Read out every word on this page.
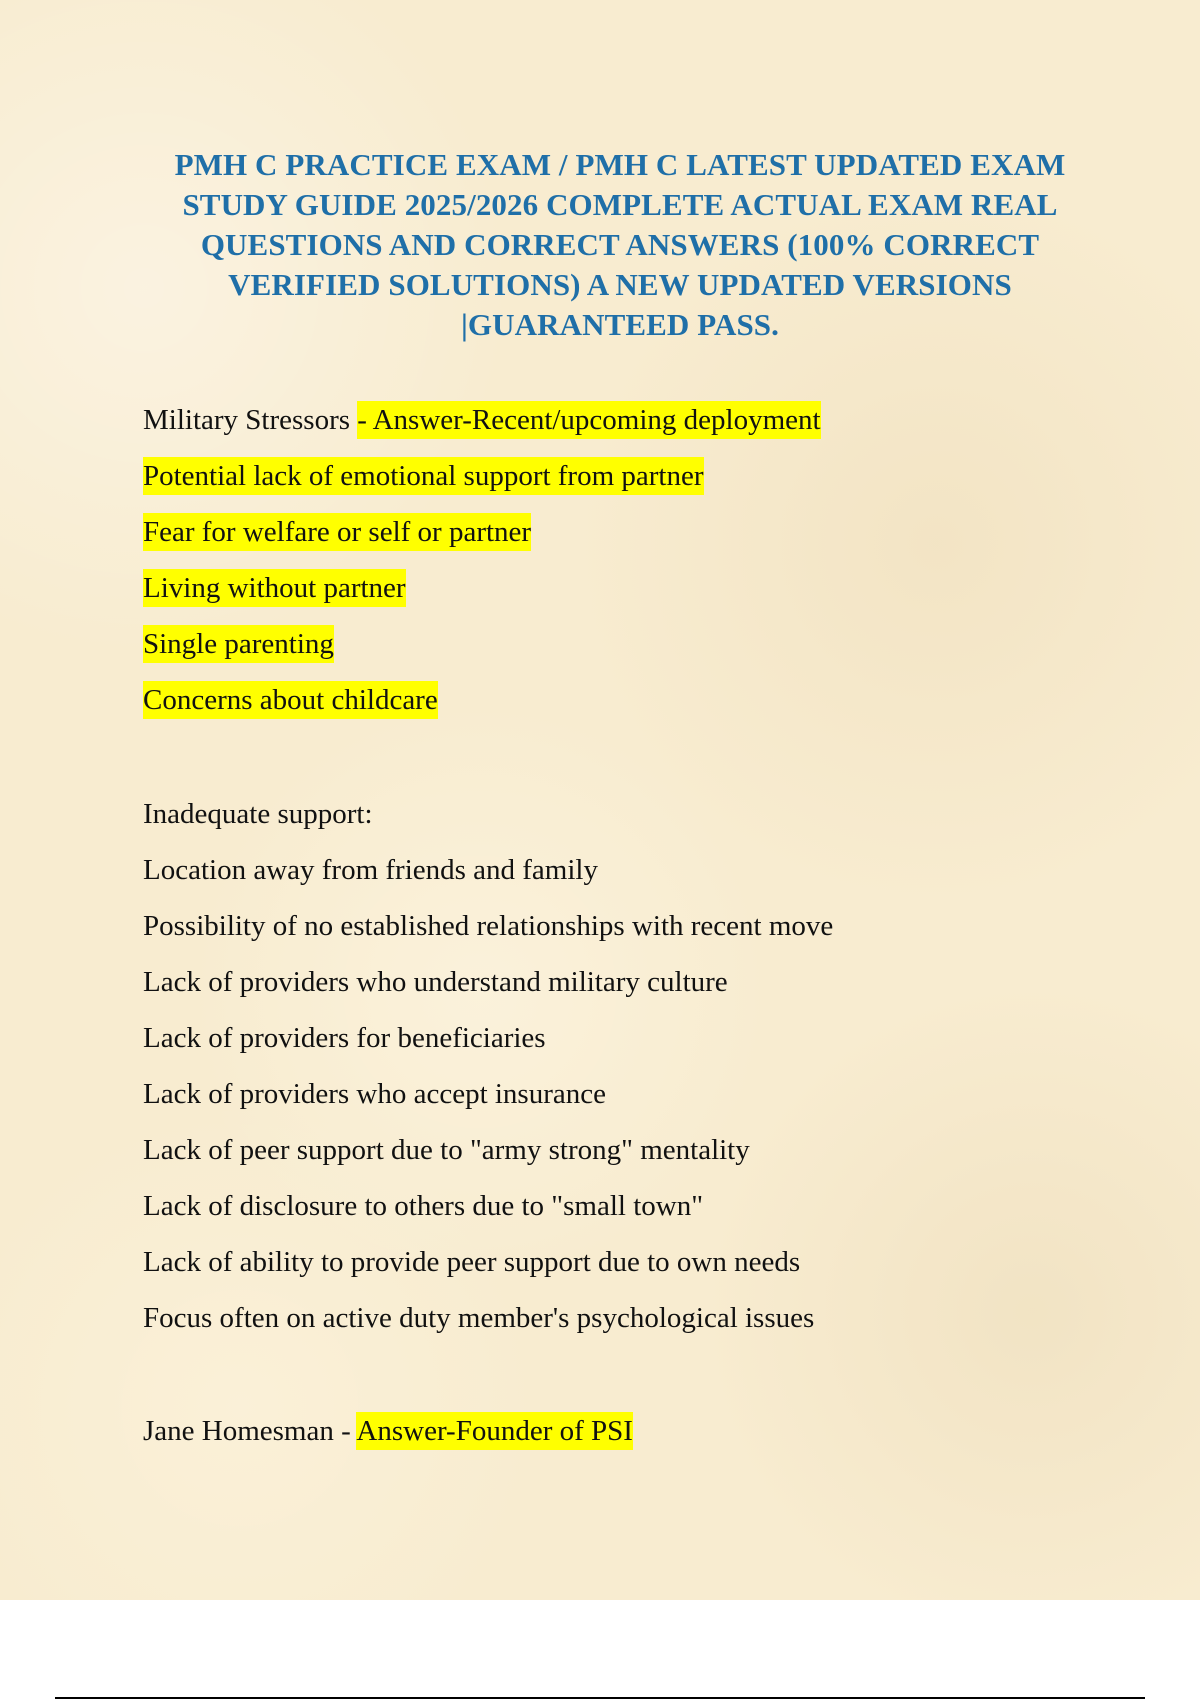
PMH C PRACTICE EXAM / PMH C LATEST UPDATED EXAM
STUDY GUIDE 2025/2026 COMPLETE ACTUAL EXAM REAL
QUESTIONS AND CORRECT ANSWERS (100% CORRECT
VERIFIED SOLUTIONS) A NEW UPDATED VERSIONS
|GUARANTEED PASS.
Military Stressors - Answer-Recent/upcoming deployment
Potential lack of emotional support from partner
Fear for welfare or self or partner
Living without partner
Single parenting
Concerns about childcare
Inadequate support:
Location away from friends and family
Possibility of no established relationships with recent move
Lack of providers who understand military culture
Lack of providers for beneficiaries
Lack of providers who accept insurance
Lack of peer support due to "army strong" mentality
Lack of disclosure to others due to "small town"
Lack of ability to provide peer support due to own needs
Focus often on active duty member's psychological issues
Jane Homesman - Answer-Founder of PSI
